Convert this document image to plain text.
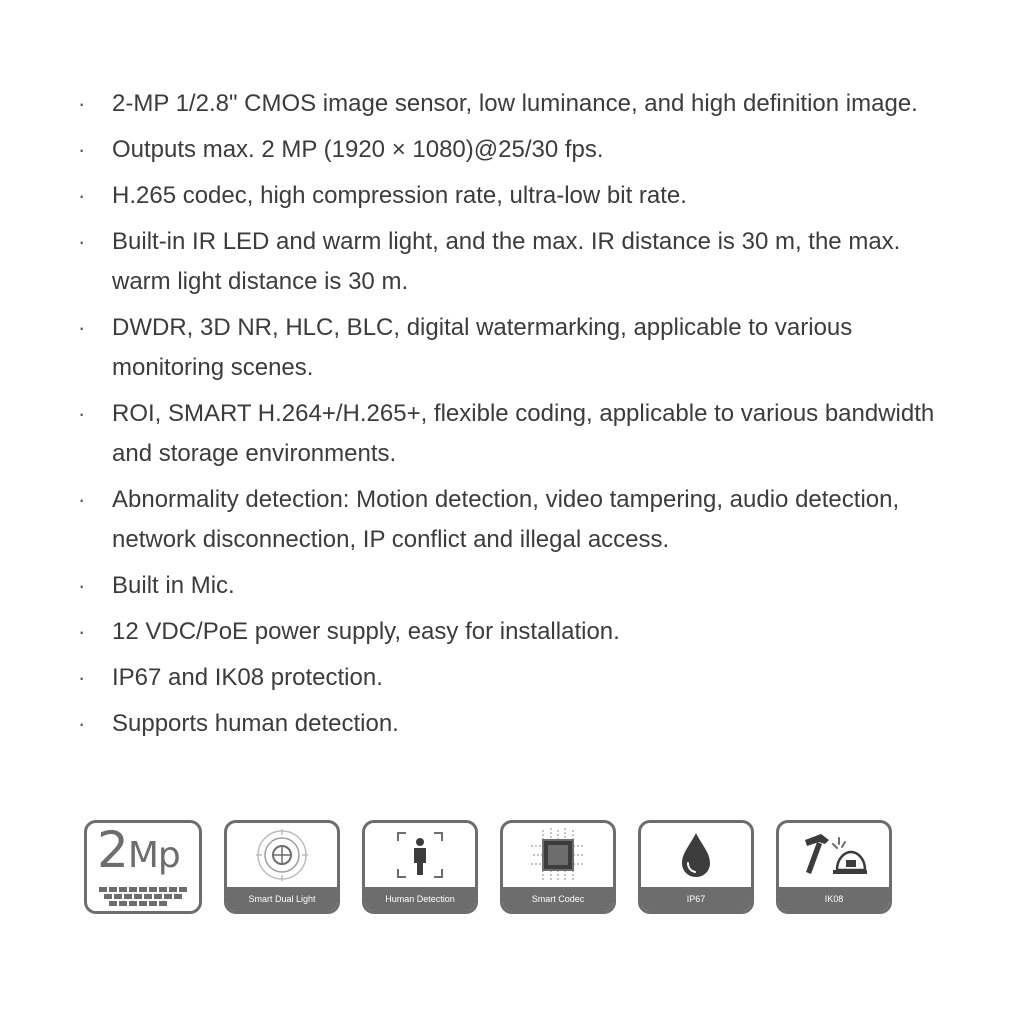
·	2-MP 1/2.8" CMOS image sensor, low luminance, and high definition image.
·	Outputs max. 2 MP (1920 × 1080)@25/30 fps.
·	H.265 codec, high compression rate, ultra-low bit rate.
·	Built-in IR LED and warm light, and the max. IR distance is 30 m, the max. warm light distance is 30 m.
·	DWDR, 3D NR, HLC, BLC, digital watermarking, applicable to various monitoring scenes.
·	ROI, SMART H.264+/H.265+, flexible coding, applicable to various bandwidth and storage environments.
·	Abnormality detection: Motion detection, video tampering, audio detection, network disconnection, IP conflict and illegal access.
·	Built in Mic.
·	12 VDC/PoE power supply, easy for installation.
·	IP67 and IK08 protection.
·	Supports human detection.
2Mp
Smart Dual Light	Human Detection	Smart Codec	IP67	IK08
